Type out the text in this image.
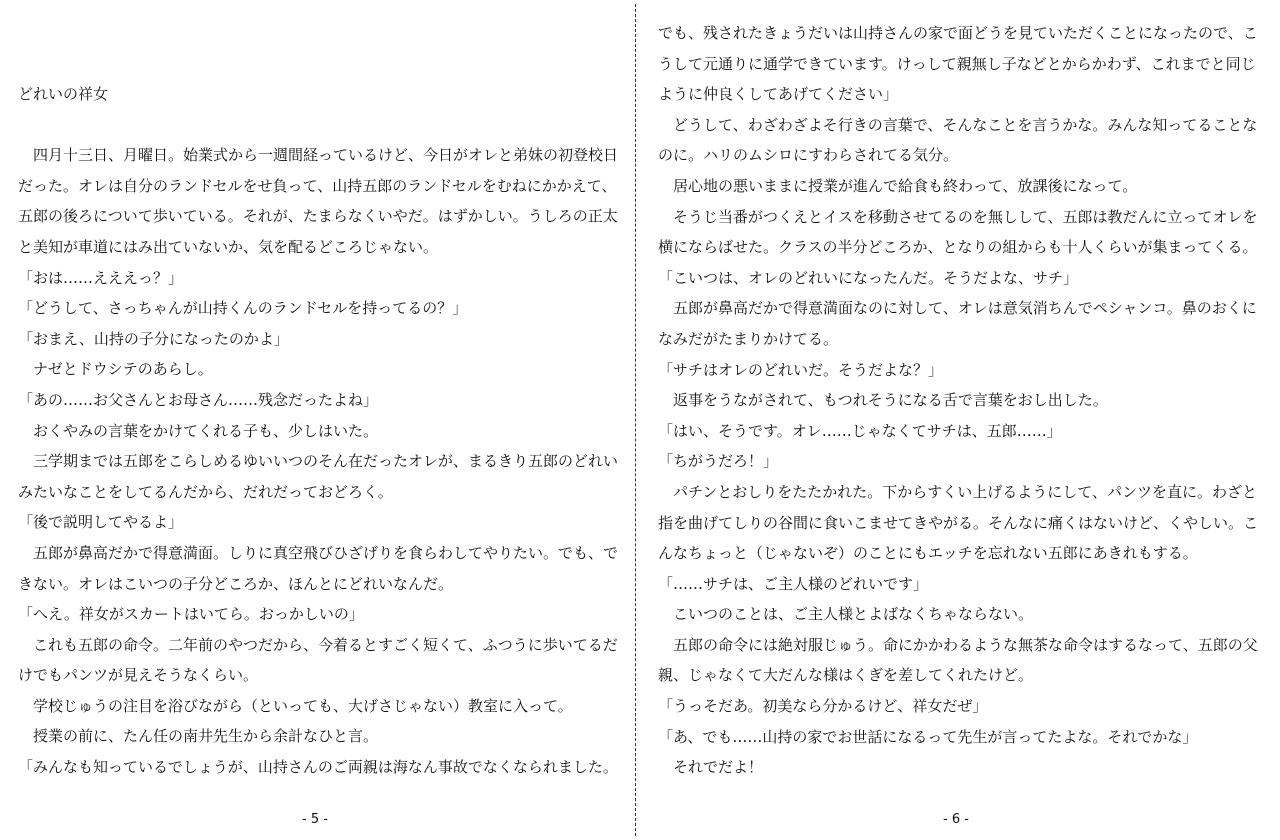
どれいの祥女
　四月十三日、月曜日。始業式から一週間経っているけど、今日がオレと弟妹の初登校日
だった。オレは自分のランドセルをせ負って、山持五郎のランドセルをむねにかかえて、
五郎の後ろについて歩いている。それが、たまらなくいやだ。はずかしい。うしろの正太
と美知が車道にはみ出ていないか、気を配るどころじゃない。
「おは……えええっ？」
「どうして、さっちゃんが山持くんのランドセルを持ってるの？」
「おまえ、山持の子分になったのかよ」
　ナゼとドウシテのあらし。
「あの……お父さんとお母さん……残念だったよね」
　おくやみの言葉をかけてくれる子も、少しはいた。
　三学期までは五郎をこらしめるゆいいつのそん在だったオレが、まるきり五郎のどれい
みたいなことをしてるんだから、だれだっておどろく。
「後で説明してやるよ」
　五郎が鼻高だかで得意満面。しりに真空飛びひざげりを食らわしてやりたい。でも、で
きない。オレはこいつの子分どころか、ほんとにどれいなんだ。
「へえ。祥女がスカートはいてら。おっかしいの」
　これも五郎の命令。二年前のやつだから、今着るとすごく短くて、ふつうに歩いてるだ
けでもパンツが見えそうなくらい。
　学校じゅうの注目を浴びながら（といっても、大げさじゃない）教室に入って。
　授業の前に、たん任の南井先生から余計なひと言。
「みんなも知っているでしょうが、山持さんのご両親は海なん事故でなくなられました。
- 5 -
でも、残されたきょうだいは山持さんの家で面どうを見ていただくことになったので、こ
うして元通りに通学できています。けっして親無し子などとからかわず、これまでと同じ
ように仲良くしてあげてください」
　どうして、わざわざよそ行きの言葉で、そんなことを言うかな。みんな知ってることな
のに。ハリのムシロにすわらされてる気分。
　居心地の悪いままに授業が進んで給食も終わって、放課後になって。
　そうじ当番がつくえとイスを移動させてるのを無しして、五郎は教だんに立ってオレを
横にならばせた。クラスの半分どころか、となりの組からも十人くらいが集まってくる。
「こいつは、オレのどれいになったんだ。そうだよな、サチ」
　五郎が鼻高だかで得意満面なのに対して、オレは意気消ちんでペシャンコ。鼻のおくに
なみだがたまりかけてる。
「サチはオレのどれいだ。そうだよな？」
　返事をうながされて、もつれそうになる舌で言葉をおし出した。
「はい、そうです。オレ……じゃなくてサチは、五郎……」
「ちがうだろ！」
　パチンとおしりをたたかれた。下からすくい上げるようにして、パンツを直に。わざと
指を曲げてしりの谷間に食いこませてきやがる。そんなに痛くはないけど、くやしい。こ
んなちょっと（じゃないぞ）のことにもエッチを忘れない五郎にあきれもする。
「……サチは、ご主人様のどれいです」
　こいつのことは、ご主人様とよばなくちゃならない。
　五郎の命令には絶対服じゅう。命にかかわるような無茶な命令はするなって、五郎の父
親、じゃなくて大だんな様はくぎを差してくれたけど。
「うっそだあ。初美なら分かるけど、祥女だぜ」
「あ、でも……山持の家でお世話になるって先生が言ってたよな。それでかな」
　それでだよ！
- 6 -
